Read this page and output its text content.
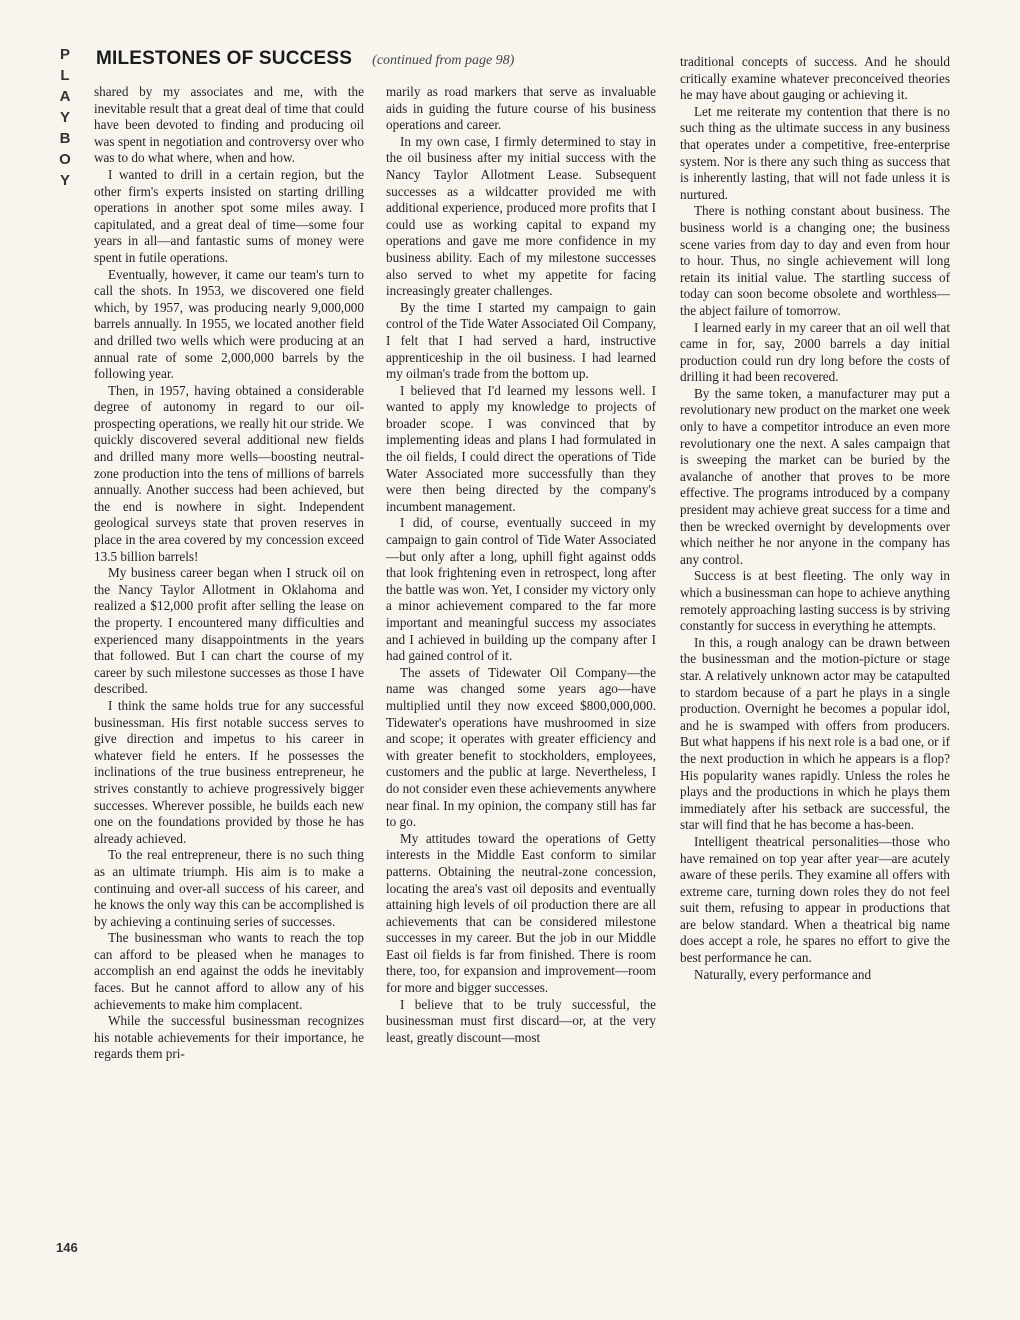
P
L
A
Y
B
O
Y
MILESTONES OF SUCCESS (continued from page 98)

shared by my associates and me, with the inevitable result that a great deal of time that could have been devoted to finding and producing oil was spent in negotiation and controversy over who was to do what where, when and how.

I wanted to drill in a certain region, but the other firm's experts insisted on starting drilling operations in another spot some miles away. I capitulated, and a great deal of time—some four years in all—and fantastic sums of money were spent in futile operations.

Eventually, however, it came our team's turn to call the shots. In 1953, we discovered one field which, by 1957, was producing nearly 9,000,000 barrels annually. In 1955, we located another field and drilled two wells which were producing at an annual rate of some 2,000,000 barrels by the following year.

Then, in 1957, having obtained a considerable degree of autonomy in regard to our oil-prospecting operations, we really hit our stride. We quickly discovered several additional new fields and drilled many more wells—boosting neutral-zone production into the tens of millions of barrels annually. Another success had been achieved, but the end is nowhere in sight. Independent geological surveys state that proven reserves in place in the area covered by my concession exceed 13.5 billion barrels!

My business career began when I struck oil on the Nancy Taylor Allotment in Oklahoma and realized a $12,000 profit after selling the lease on the property. I encountered many difficulties and experienced many disappointments in the years that followed. But I can chart the course of my career by such milestone successes as those I have described.

I think the same holds true for any successful businessman. His first notable success serves to give direction and impetus to his career in whatever field he enters. If he possesses the inclinations of the true business entrepreneur, he strives constantly to achieve progressively bigger successes. Wherever possible, he builds each new one on the foundations provided by those he has already achieved.

To the real entrepreneur, there is no such thing as an ultimate triumph. His aim is to make a continuing and over-all success of his career, and he knows the only way this can be accomplished is by achieving a continuing series of successes.

The businessman who wants to reach the top can afford to be pleased when he manages to accomplish an end against the odds he inevitably faces. But he cannot afford to allow any of his achievements to make him complacent.

While the successful businessman recognizes his notable achievements for their importance, he regards them pri-

marily as road markers that serve as invaluable aids in guiding the future course of his business operations and career.

In my own case, I firmly determined to stay in the oil business after my initial success with the Nancy Taylor Allotment Lease. Subsequent successes as a wildcatter provided me with additional experience, produced more profits that I could use as working capital to expand my operations and gave me more confidence in my business ability. Each of my milestone successes also served to whet my appetite for facing increasingly greater challenges.

By the time I started my campaign to gain control of the Tide Water Associated Oil Company, I felt that I had served a hard, instructive apprenticeship in the oil business. I had learned my oilman's trade from the bottom up.

I believed that I'd learned my lessons well. I wanted to apply my knowledge to projects of broader scope. I was convinced that by implementing ideas and plans I had formulated in the oil fields, I could direct the operations of Tide Water Associated more successfully than they were then being directed by the company's incumbent management.

I did, of course, eventually succeed in my campaign to gain control of Tide Water Associated—but only after a long, uphill fight against odds that look frightening even in retrospect, long after the battle was won. Yet, I consider my victory only a minor achievement compared to the far more important and meaningful success my associates and I achieved in building up the company after I had gained control of it.

The assets of Tidewater Oil Company—the name was changed some years ago—have multiplied until they now exceed $800,000,000. Tidewater's operations have mushroomed in size and scope; it operates with greater efficiency and with greater benefit to stockholders, employees, customers and the public at large. Nevertheless, I do not consider even these achievements anywhere near final. In my opinion, the company still has far to go.

My attitudes toward the operations of Getty interests in the Middle East conform to similar patterns. Obtaining the neutral-zone concession, locating the area's vast oil deposits and eventually attaining high levels of oil production there are all achievements that can be considered milestone successes in my career. But the job in our Middle East oil fields is far from finished. There is room there, too, for expansion and improvement—room for more and bigger successes.

I believe that to be truly successful, the businessman must first discard—or, at the very least, greatly discount—most

traditional concepts of success. And he should critically examine whatever preconceived theories he may have about gauging or achieving it.

Let me reiterate my contention that there is no such thing as the ultimate success in any business that operates under a competitive, free-enterprise system. Nor is there any such thing as success that is inherently lasting, that will not fade unless it is nurtured.

There is nothing constant about business. The business world is a changing one; the business scene varies from day to day and even from hour to hour. Thus, no single achievement will long retain its initial value. The startling success of today can soon become obsolete and worthless—the abject failure of tomorrow.

I learned early in my career that an oil well that came in for, say, 2000 barrels a day initial production could run dry long before the costs of drilling it had been recovered.

By the same token, a manufacturer may put a revolutionary new product on the market one week only to have a competitor introduce an even more revolutionary one the next. A sales campaign that is sweeping the market can be buried by the avalanche of another that proves to be more effective. The programs introduced by a company president may achieve great success for a time and then be wrecked overnight by developments over which neither he nor anyone in the company has any control.

Success is at best fleeting. The only way in which a businessman can hope to achieve anything remotely approaching lasting success is by striving constantly for success in everything he attempts.

In this, a rough analogy can be drawn between the businessman and the motion-picture or stage star. A relatively unknown actor may be catapulted to stardom because of a part he plays in a single production. Overnight he becomes a popular idol, and he is swamped with offers from producers. But what happens if his next role is a bad one, or if the next production in which he appears is a flop? His popularity wanes rapidly. Unless the roles he plays and the productions in which he plays them immediately after his setback are successful, the star will find that he has become a has-been.

Intelligent theatrical personalities—those who have remained on top year after year—are acutely aware of these perils. They examine all offers with extreme care, turning down roles they do not feel suit them, refusing to appear in productions that are below standard. When a theatrical big name does accept a role, he spares no effort to give the best performance he can.

Naturally, every performance and

146
